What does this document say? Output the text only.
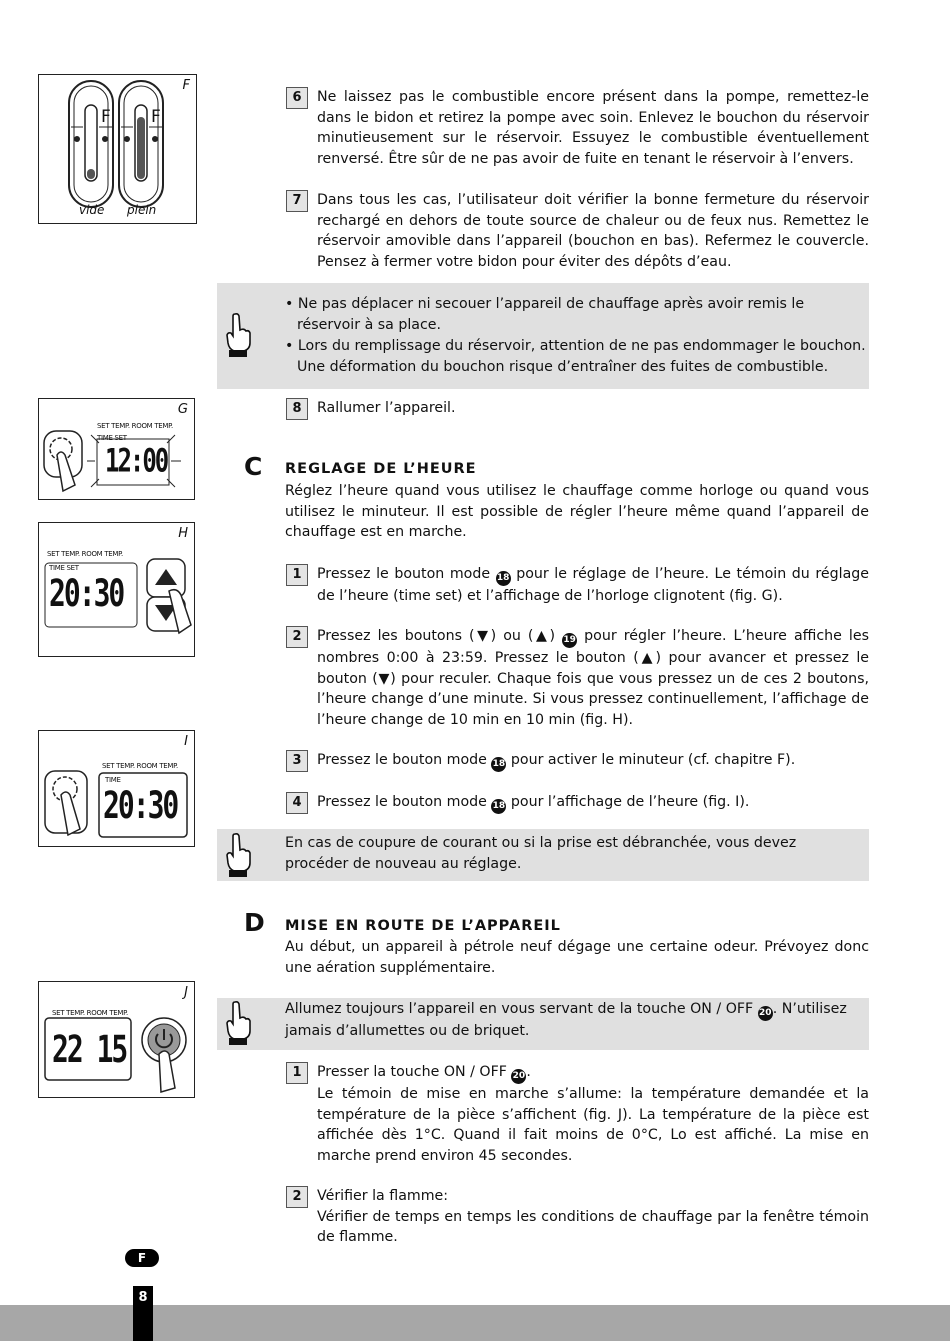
F
F F
vide plein
6	Ne laissez pas le combustible encore présent dans la pompe, remettez-le dans le bidon et retirez la pompe avec soin. Enlevez le bouchon du réservoir minutieusement sur le réservoir. Essuyez le combustible éventuellement renversé. Être sûr de ne pas avoir de fuite en tenant le réservoir à l’envers.
7	Dans tous les cas, l’utilisateur doit vérifier la bonne fermeture du réservoir rechargé en dehors de toute source de chaleur ou de feux nus. Remettez le réservoir amovible dans l’appareil (bouchon en bas). Refermez le couvercle. Pensez à fermer votre bidon pour éviter des dépôts d’eau.
• Ne pas déplacer ni secouer l’appareil de chauffage après avoir remis le réservoir à sa place.
• Lors du remplissage du réservoir, attention de ne pas endommager le bouchon. Une déformation du bouchon risque d’entraîner des fuites de combustible.
8	Rallumer l’appareil.
G
SET TEMP. ROOM TEMP.
TIME SET
12:00	C REGLAGE DE L’HEURE
Réglez l’heure quand vous utilisez le chauffage comme horloge ou quand vous utilisez le minuteur. Il est possible de régler l’heure même quand l’appareil de chauffage est en marche.
H
SET TEMP. ROOM TEMP.
TIME SET
20:30	1	Pressez le bouton mode 18 pour le réglage de l’heure. Le témoin du réglage de l’heure (time set) et l’affichage de l’horloge clignotent (fig. G).
2	Pressez les boutons (▼) ou (▲) 19 pour régler l’heure. L’heure affiche les nombres 0:00 à 23:59. Pressez le bouton (▲) pour avancer et pressez le bouton (▼) pour reculer. Chaque fois que vous pressez un de ces 2 boutons, l’heure change d’une minute. Si vous pressez continuellement, l’affichage de l’heure change de 10 min en 10 min (fig. H).
I
SET TEMP. ROOM TEMP.
TIME
20:30
3	Pressez le bouton mode 18 pour activer le minuteur (cf. chapitre F).
4	Pressez le bouton mode 18 pour l’affichage de l’heure (fig. I).
En cas de coupure de courant ou si la prise est débranchée, vous devez procéder de nouveau au réglage.
D MISE EN ROUTE DE L’APPAREIL
Au début, un appareil à pétrole neuf dégage une certaine odeur. Prévoyez donc une aération supplémentaire.
J
SET TEMP. ROOM TEMP.
22 15
Allumez toujours l’appareil en vous servant de la touche ON / OFF 20. N’utilisez jamais d’allumettes ou de briquet.
1	Presser la touche ON / OFF 20.

Le témoin de mise en marche s’allume: la température demandée et la température de la pièce s’affichent (fig. J). La température de la pièce est affichée dès 1°C. Quand il fait moins de 0°C, Lo est affiché. La mise en marche prend environ 45 secondes.

2	Vérifier la flamme:

Vérifier de temps en temps les conditions de chauffage par la fenêtre témoin de flamme.

F
8
